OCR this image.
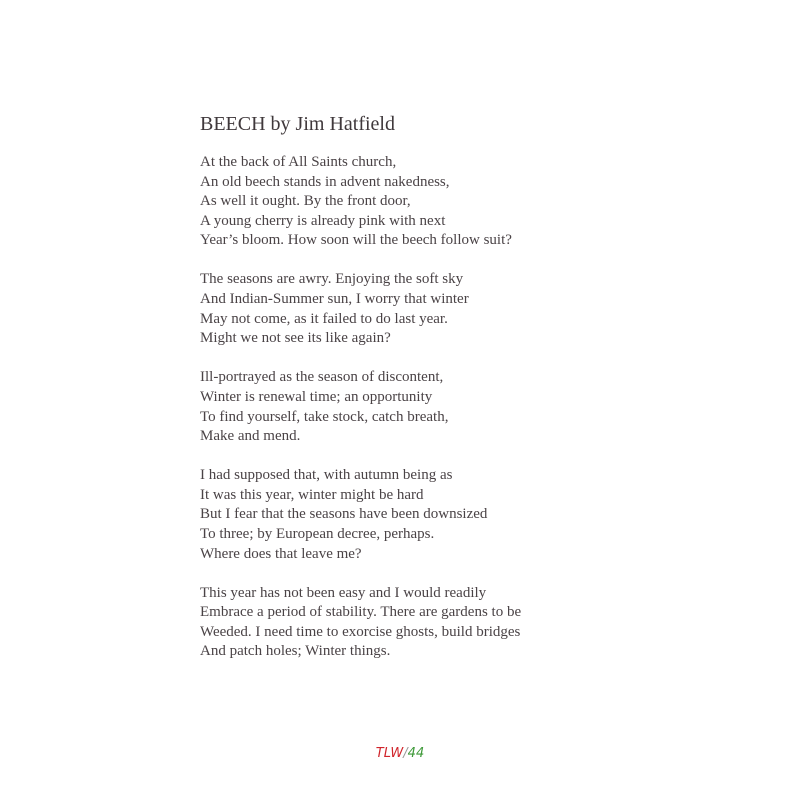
BEECH by Jim Hatfield
At the back of All Saints church,
An old beech stands in advent nakedness,
As well it ought. By the front door,
A young cherry is already pink with next
Year’s bloom. How soon will the beech follow suit?
The seasons are awry. Enjoying the soft sky
And Indian-Summer sun, I worry that winter
May not come, as it failed to do last year.
Might we not see its like again?
Ill-portrayed as the season of discontent,
Winter is renewal time; an opportunity
To find yourself, take stock, catch breath,
Make and mend.
I had supposed that, with autumn being as
It was this year, winter might be hard
But I fear that the seasons have been downsized
To three; by European decree, perhaps.
Where does that leave me?
This year has not been easy and I would readily
Embrace a period of stability. There are gardens to be
Weeded. I need time to exorcise ghosts, build bridges
And patch holes; Winter things.
TLW/44
